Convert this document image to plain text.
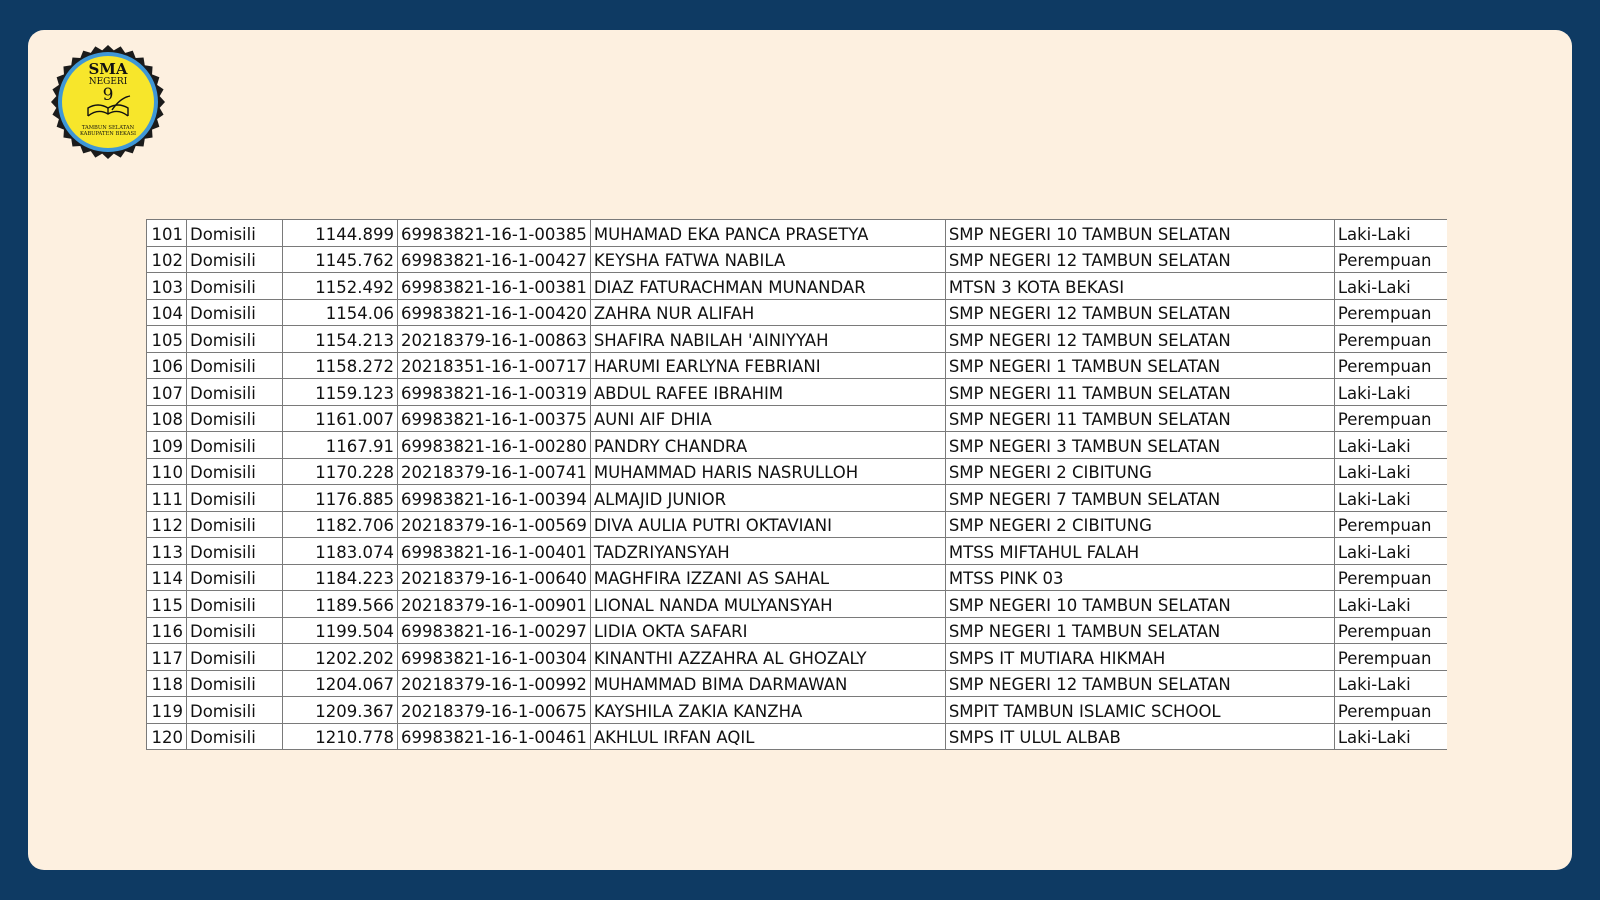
SMA
NEGERI
9
TAMBUN SELATAN
KABUPATEN BEKASI
101	Domisili	1144.899	69983821-16-1-00385	MUHAMAD EKA PANCA PRASETYA	SMP NEGERI 10 TAMBUN SELATAN	Laki-Laki
102	Domisili	1145.762	69983821-16-1-00427	KEYSHA FATWA NABILA	SMP NEGERI 12 TAMBUN SELATAN	Perempuan
103	Domisili	1152.492	69983821-16-1-00381	DIAZ FATURACHMAN MUNANDAR	MTSN 3 KOTA BEKASI	Laki-Laki
104	Domisili	1154.06	69983821-16-1-00420	ZAHRA NUR ALIFAH	SMP NEGERI 12 TAMBUN SELATAN	Perempuan
105	Domisili	1154.213	20218379-16-1-00863	SHAFIRA NABILAH 'AINIYYAH	SMP NEGERI 12 TAMBUN SELATAN	Perempuan
106	Domisili	1158.272	20218351-16-1-00717	HARUMI EARLYNA FEBRIANI	SMP NEGERI 1 TAMBUN SELATAN	Perempuan
107	Domisili	1159.123	69983821-16-1-00319	ABDUL RAFEE IBRAHIM	SMP NEGERI 11 TAMBUN SELATAN	Laki-Laki
108	Domisili	1161.007	69983821-16-1-00375	AUNI AIF DHIA	SMP NEGERI 11 TAMBUN SELATAN	Perempuan
109	Domisili	1167.91	69983821-16-1-00280	PANDRY CHANDRA	SMP NEGERI 3 TAMBUN SELATAN	Laki-Laki
110	Domisili	1170.228	20218379-16-1-00741	MUHAMMAD HARIS NASRULLOH	SMP NEGERI 2 CIBITUNG	Laki-Laki
111	Domisili	1176.885	69983821-16-1-00394	ALMAJID JUNIOR	SMP NEGERI 7 TAMBUN SELATAN	Laki-Laki
112	Domisili	1182.706	20218379-16-1-00569	DIVA AULIA PUTRI OKTAVIANI	SMP NEGERI 2 CIBITUNG	Perempuan
113	Domisili	1183.074	69983821-16-1-00401	TADZRIYANSYAH	MTSS MIFTAHUL FALAH	Laki-Laki
114	Domisili	1184.223	20218379-16-1-00640	MAGHFIRA IZZANI AS SAHAL	MTSS PINK 03	Perempuan
115	Domisili	1189.566	20218379-16-1-00901	LIONAL NANDA MULYANSYAH	SMP NEGERI 10 TAMBUN SELATAN	Laki-Laki
116	Domisili	1199.504	69983821-16-1-00297	LIDIA OKTA SAFARI	SMP NEGERI 1 TAMBUN SELATAN	Perempuan
117	Domisili	1202.202	69983821-16-1-00304	KINANTHI AZZAHRA AL GHOZALY	SMPS IT MUTIARA HIKMAH	Perempuan
118	Domisili	1204.067	20218379-16-1-00992	MUHAMMAD BIMA DARMAWAN	SMP NEGERI 12 TAMBUN SELATAN	Laki-Laki
119	Domisili	1209.367	20218379-16-1-00675	KAYSHILA ZAKIA KANZHA	SMPIT TAMBUN ISLAMIC SCHOOL	Perempuan
120	Domisili	1210.778	69983821-16-1-00461	AKHLUL IRFAN AQIL	SMPS IT ULUL ALBAB	Laki-Laki
